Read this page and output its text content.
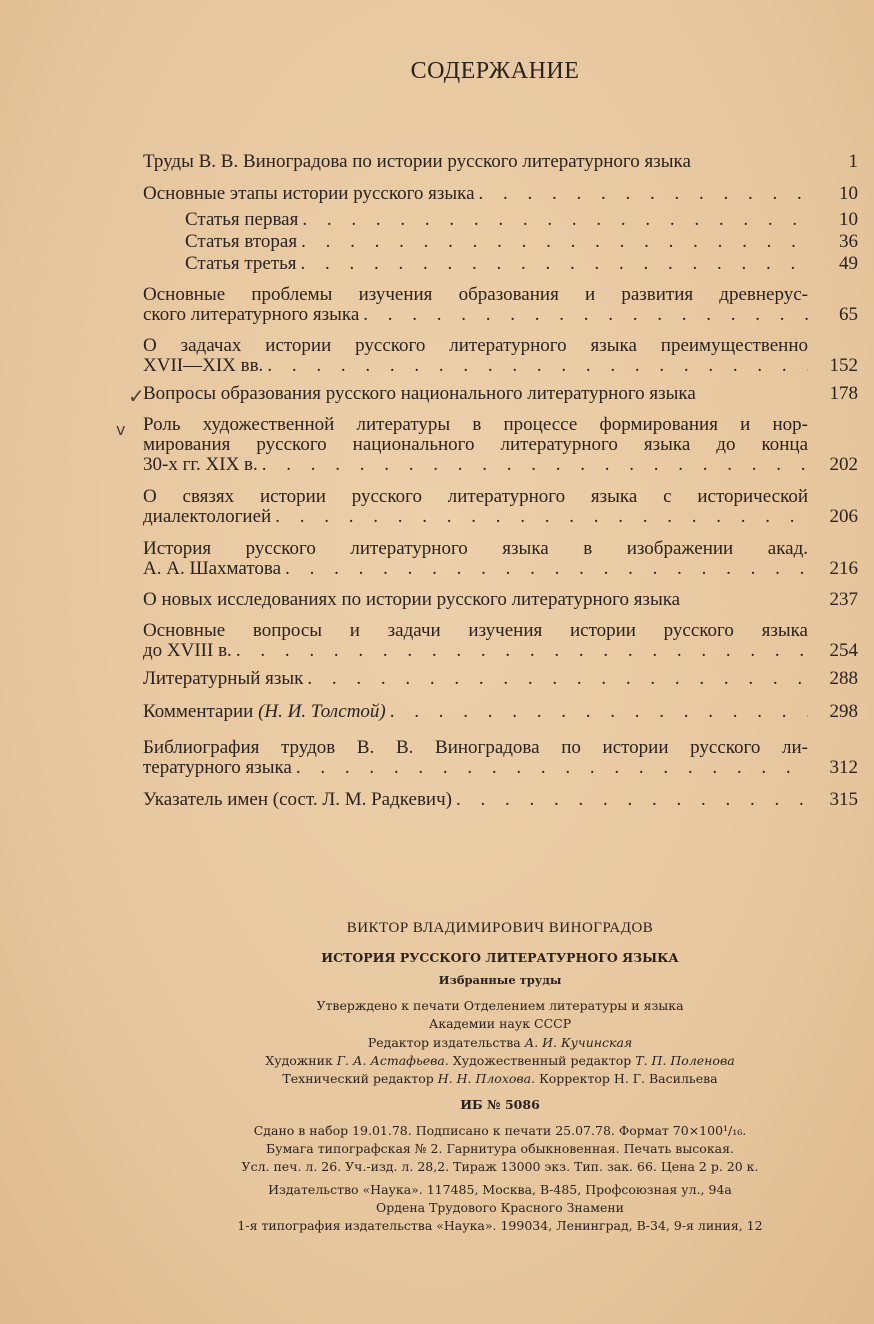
СОДЕРЖАНИЕ
Труды В. В. Виноградова по истории русского литературного языка	1
Основные этапы истории русского языка . . .	10
Статья первая . . .	10
Статья вторая . . .	36
Статья третья . . .	49
Основные проблемы изучения образования и развития древнерус-
ского литературного языка . . .	65
О задачах истории русского литературного языка преимущественно
XVII—XIX вв. . . .	152
Вопросы образования русского национального литературного языка	178
Роль художественной литературы в процессе формирования и нор-
мирования русского национального литературного языка до конца
30-х гг. XIX в. . . .	202
О связях истории русского литературного языка с исторической
диалектологией . . .	206
История русского литературного языка в изображении акад.
А. А. Шахматова . . .	216
О новых исследованиях по истории русского литературного языка	237
Основные вопросы и задачи изучения истории русского языка
до XVIII в. . . .	254
Литературный язык . . .	288
Комментарии (Н. И. Толстой) . . .	298
Библиография трудов В. В. Виноградова по истории русского ли-
тературного языка . . .	312
Указатель имен (сост. Л. М. Радкевич) . . .	315
✓
v
ВИКТОР ВЛАДИМИРОВИЧ ВИНОГРАДОВ
ИСТОРИЯ РУССКОГО ЛИТЕРАТУРНОГО ЯЗЫКА
Избранные труды
Утверждено к печати Отделением литературы и языка
Академии наук СССР
Редактор издательства А. И. Кучинская
Художник Г. А. Астафьева. Художественный редактор Т. П. Поленова
Технический редактор Н. Н. Плохова. Корректор Н. Г. Васильева
ИБ № 5086
Сдано в набор 19.01.78. Подписано к печати 25.07.78. Формат 70×100¹/₁₆.
Бумага типографская № 2. Гарнитура обыкновенная. Печать высокая.
Усл. печ. л. 26. Уч.-изд. л. 28,2. Тираж 13000 экз. Тип. зак. 66. Цена 2 р. 20 к.
Издательство «Наука». 117485, Москва, В-485, Профсоюзная ул., 94а
Ордена Трудового Красного Знамени
1-я типография издательства «Наука». 199034, Ленинград, В-34, 9-я линия, 12
